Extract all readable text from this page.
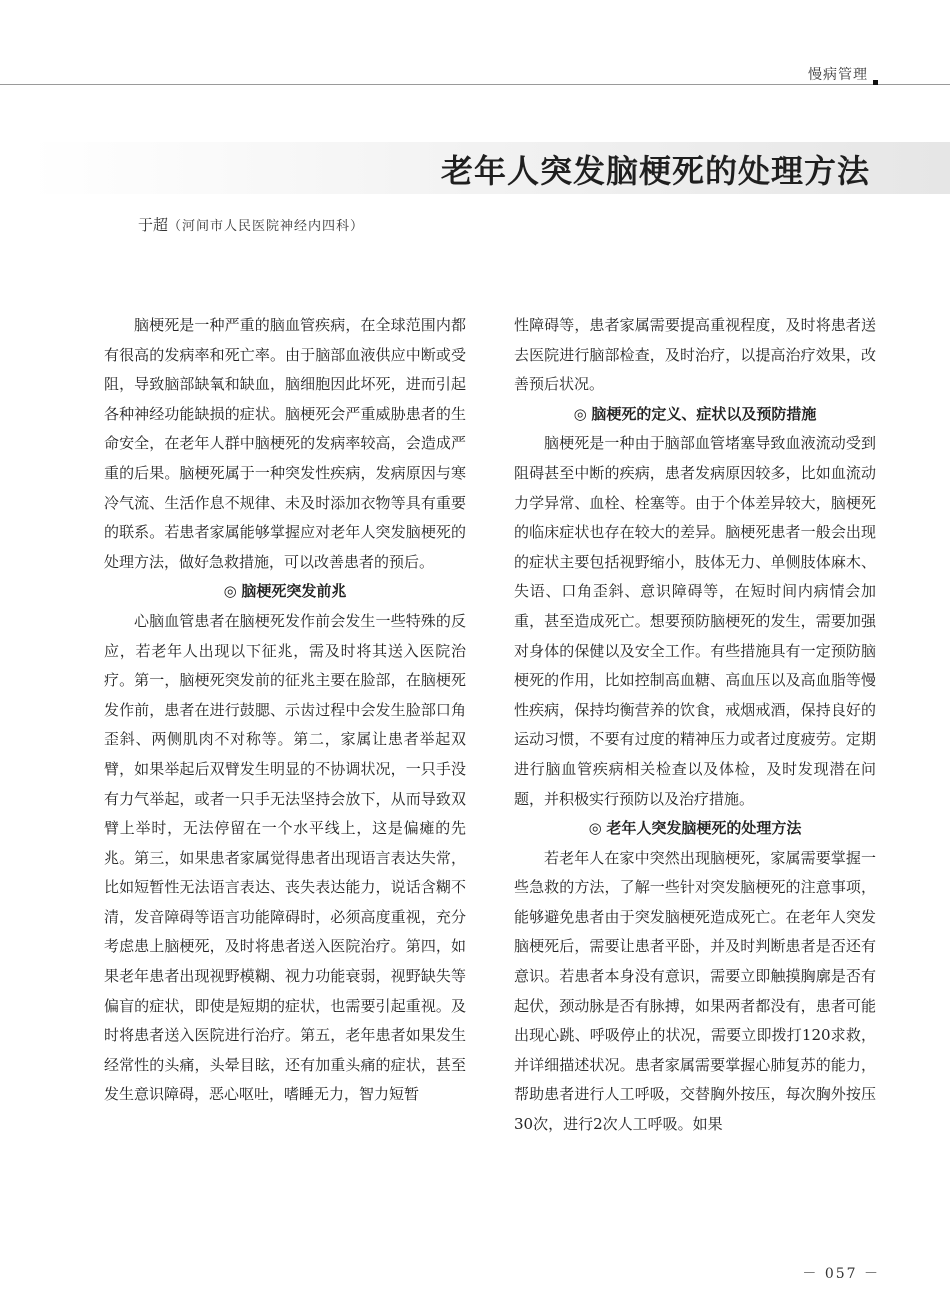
慢病管理
老年人突发脑梗死的处理方法
于超（河间市人民医院神经内四科）

脑梗死是一种严重的脑血管疾病，在全球范围内都有很高的发病率和死亡率。由于脑部血液供应中断或受阻，导致脑部缺氧和缺血，脑细胞因此坏死，进而引起各种神经功能缺损的症状。脑梗死会严重威胁患者的生命安全，在老年人群中脑梗死的发病率较高，会造成严重的后果。脑梗死属于一种突发性疾病，发病原因与寒冷气流、生活作息不规律、未及时添加衣物等具有重要的联系。若患者家属能够掌握应对老年人突发脑梗死的处理方法，做好急救措施，可以改善患者的预后。

◎ 脑梗死突发前兆

心脑血管患者在脑梗死发作前会发生一些特殊的反应，若老年人出现以下征兆，需及时将其送入医院治疗。第一，脑梗死突发前的征兆主要在脸部，在脑梗死发作前，患者在进行鼓腮、示齿过程中会发生脸部口角歪斜、两侧肌肉不对称等。第二，家属让患者举起双臂，如果举起后双臂发生明显的不协调状况，一只手没有力气举起，或者一只手无法坚持会放下，从而导致双臂上举时，无法停留在一个水平线上，这是偏瘫的先兆。第三，如果患者家属觉得患者出现语言表达失常，比如短暂性无法语言表达、丧失表达能力，说话含糊不清，发音障碍等语言功能障碍时，必须高度重视，充分考虑患上脑梗死，及时将患者送入医院治疗。第四，如果老年患者出现视野模糊、视力功能衰弱，视野缺失等偏盲的症状，即使是短期的症状，也需要引起重视。及时将患者送入医院进行治疗。第五，老年患者如果发生经常性的头痛，头晕目眩，还有加重头痛的症状，甚至发生意识障碍，恶心呕吐，嗜睡无力，智力短暂

性障碍等，患者家属需要提高重视程度，及时将患者送去医院进行脑部检查，及时治疗，以提高治疗效果，改善预后状况。

◎ 脑梗死的定义、症状以及预防措施

脑梗死是一种由于脑部血管堵塞导致血液流动受到阻碍甚至中断的疾病，患者发病原因较多，比如血流动力学异常、血栓、栓塞等。由于个体差异较大，脑梗死的临床症状也存在较大的差异。脑梗死患者一般会出现的症状主要包括视野缩小，肢体无力、单侧肢体麻木、失语、口角歪斜、意识障碍等，在短时间内病情会加重，甚至造成死亡。想要预防脑梗死的发生，需要加强对身体的保健以及安全工作。有些措施具有一定预防脑梗死的作用，比如控制高血糖、高血压以及高血脂等慢性疾病，保持均衡营养的饮食，戒烟戒酒，保持良好的运动习惯，不要有过度的精神压力或者过度疲劳。定期进行脑血管疾病相关检查以及体检，及时发现潜在问题，并积极实行预防以及治疗措施。

◎ 老年人突发脑梗死的处理方法

若老年人在家中突然出现脑梗死，家属需要掌握一些急救的方法，了解一些针对突发脑梗死的注意事项，能够避免患者由于突发脑梗死造成死亡。在老年人突发脑梗死后，需要让患者平卧，并及时判断患者是否还有意识。若患者本身没有意识，需要立即触摸胸廓是否有起伏，颈动脉是否有脉搏，如果两者都没有，患者可能出现心跳、呼吸停止的状况，需要立即拨打120求救，并详细描述状况。患者家属需要掌握心肺复苏的能力，帮助患者进行人工呼吸，交替胸外按压，每次胸外按压30次，进行2次人工呼吸。如果

－ 057 －
